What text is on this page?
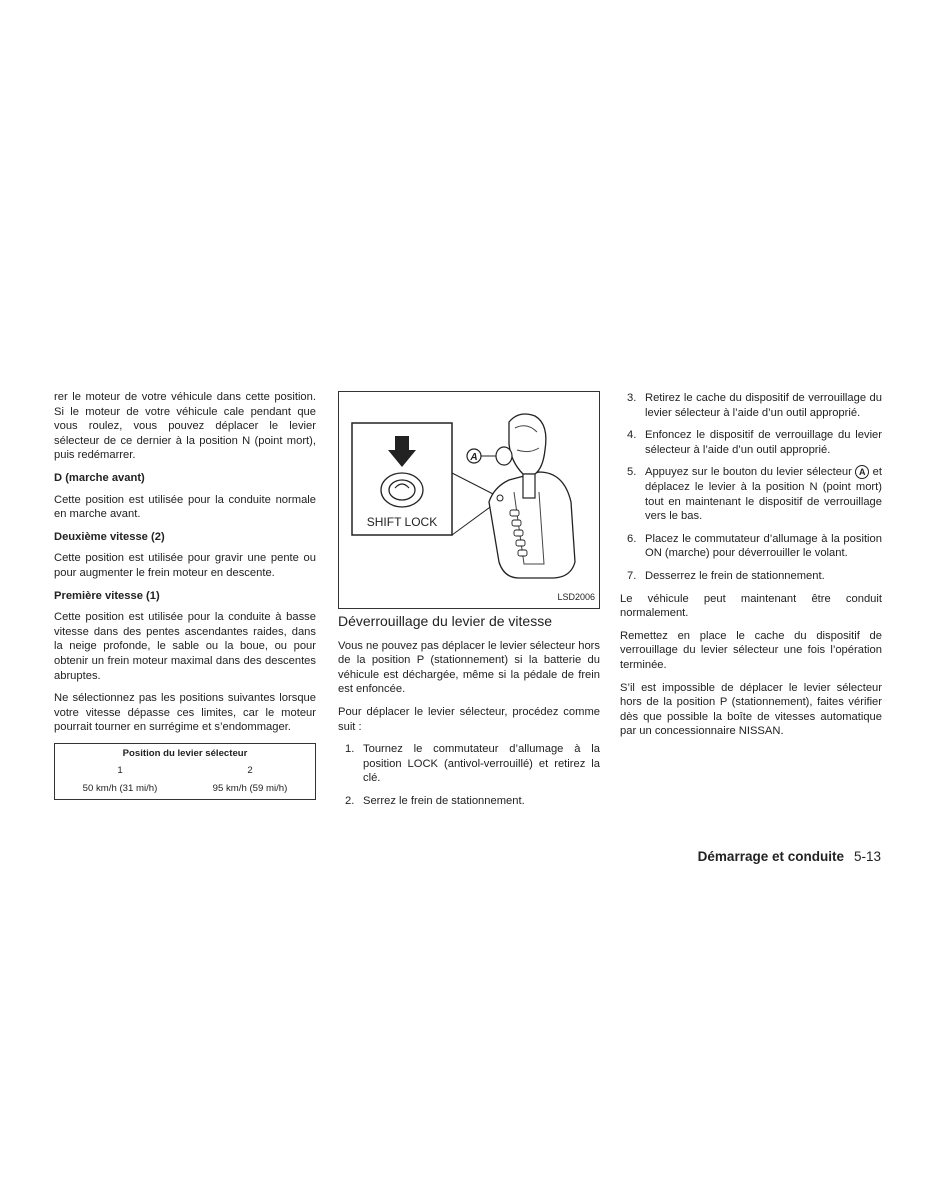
rer le moteur de votre véhicule dans cette position. Si le moteur de votre véhicule cale pendant que vous roulez, vous pouvez déplacer le levier sélecteur de ce dernier à la position N (point mort), puis redémarrer.

D (marche avant)

Cette position est utilisée pour la conduite normale en marche avant.

Deuxième vitesse (2)

Cette position est utilisée pour gravir une pente ou pour augmenter le frein moteur en descente.

Première vitesse (1)

Cette position est utilisée pour la conduite à basse vitesse dans des pentes ascendantes raides, dans la neige profonde, le sable ou la boue, ou pour obtenir un frein moteur maximal dans des descentes abruptes.

Ne sélectionnez pas les positions suivantes lorsque votre vitesse dépasse ces limites, car le moteur pourrait tourner en surrégime et s’endommager.

Position du levier sélecteur	
1	2
50 km/h (31 mi/h)	95 km/h (59 mi/h)
SHIFT LOCK
A
LSD2006
Déverrouillage du levier de vitesse

Vous ne pouvez pas déplacer le levier sélecteur hors de la position P (stationnement) si la batterie du véhicule est déchargée, même si la pédale de frein est enfoncée.

Pour déplacer le levier sélecteur, procédez comme suit :

1. Tournez le commutateur d’allumage à la position LOCK (antivol-verrouillé) et retirez la clé.
2. Serrez le frein de stationnement.
3. Retirez le cache du dispositif de verrouillage du levier sélecteur à l’aide d’un outil approprié.
4. Enfoncez le dispositif de verrouillage du levier sélecteur à l’aide d’un outil approprié.
5. Appuyez sur le bouton du levier sélecteur A et déplacez le levier à la position N (point mort) tout en maintenant le dispositif de verrouillage vers le bas.
6. Placez le commutateur d’allumage à la position ON (marche) pour déverrouiller le volant.
7. Desserrez le frein de stationnement.

Le véhicule peut maintenant être conduit normalement.

Remettez en place le cache du dispositif de verrouillage du levier sélecteur une fois l’opération terminée.

S’il est impossible de déplacer le levier sélecteur hors de la position P (stationnement), faites vérifier dès que possible la boîte de vitesses automatique par un concessionnaire NISSAN.

Démarrage et conduite 5-13
